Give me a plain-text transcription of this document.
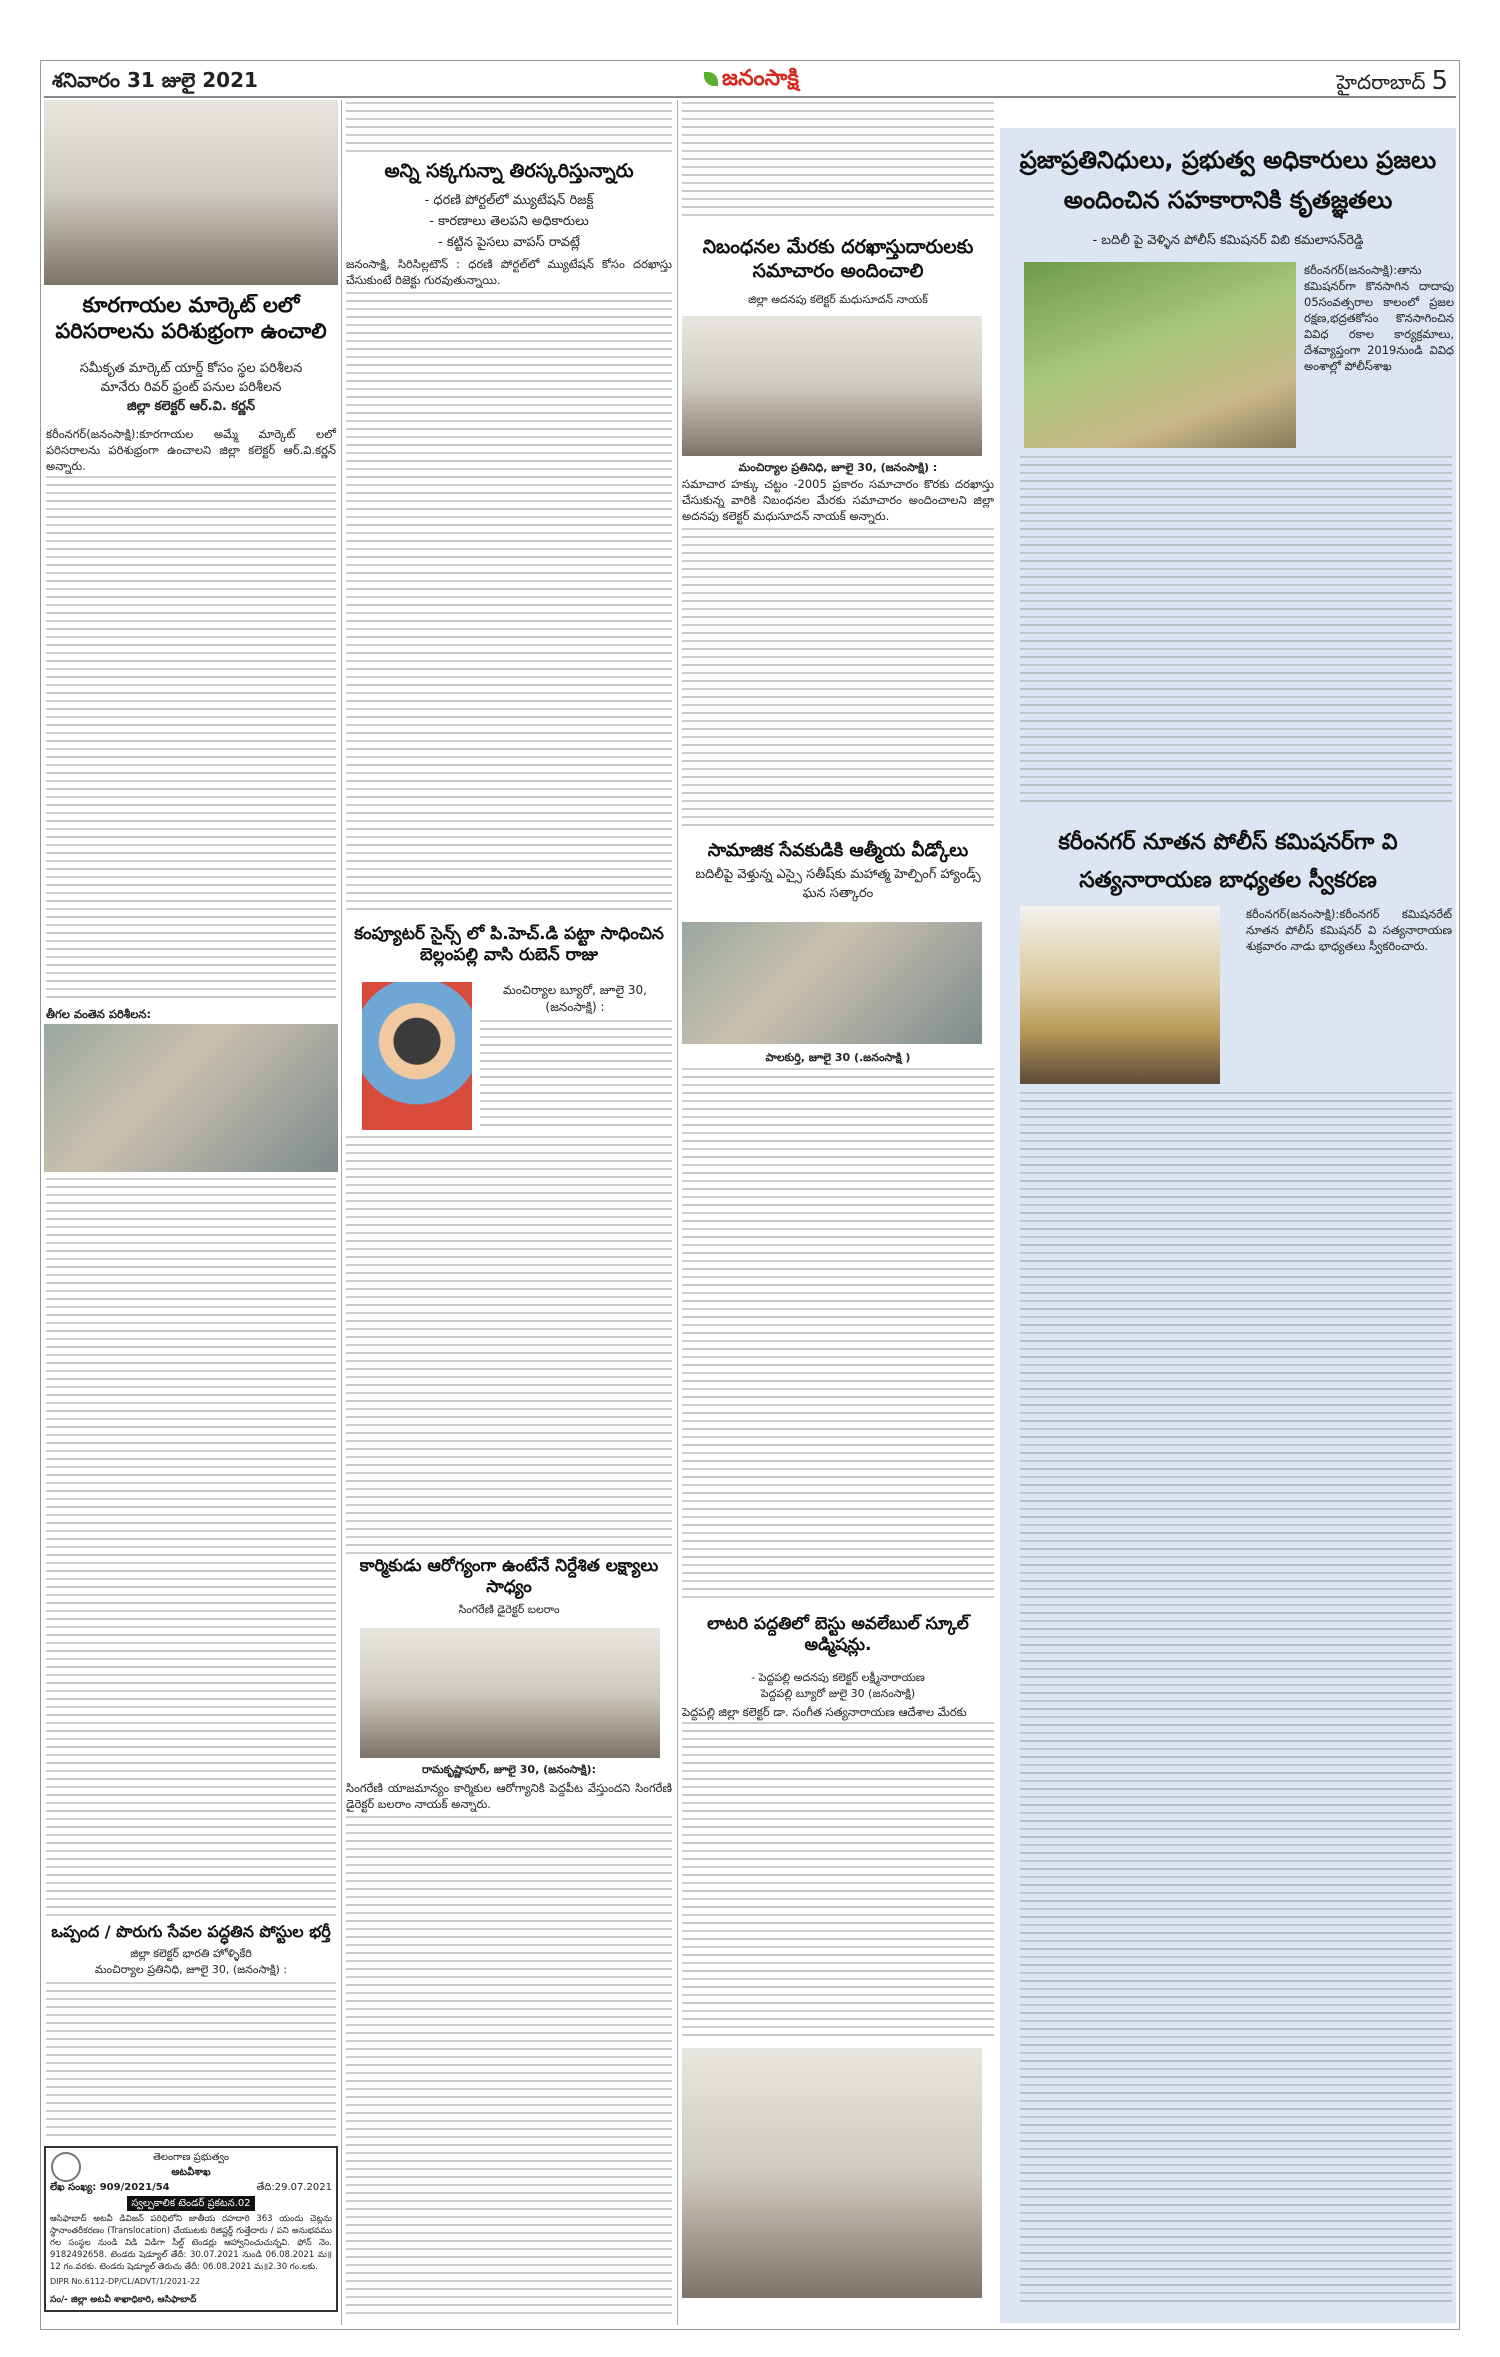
శనివారం 31 జులై 2021	జనంసాక్షి	హైదరాబాద్ 5
కూరగాయల మార్కెట్ లలో పరిసరాలను పరిశుభ్రంగా ఉంచాలి
సమీకృత మార్కెట్ యార్డ్ కోసం స్థల పరిశీలన
మానేరు రివర్ ఫ్రంట్ పనుల పరిశీలన
జిల్లా కలెక్టర్ ఆర్.వి. కర్ణన్
కరీంనగర్(జనంసాక్షి):కూరగాయల అమ్మే మార్కెట్ లలో పరిసరాలను పరిశుభ్రంగా ఉంచాలని జిల్లా కలెక్టర్ ఆర్.వి.కర్ణన్ అన్నారు.
తీగల వంతెన పరిశీలన:
ఒప్పంద / పొరుగు సేవల పద్ధతిన పోస్టుల భర్తీ
జిల్లా కలెక్టర్ భారతి హోళ్ళికేరి
మంచిర్యాల ప్రతినిధి, జూలై 30, (జనంసాక్షి) :
తెలంగాణ ప్రభుత్వం
అటవీశాఖ
లేఖ సంఖ్య: 909/2021/54	తేది:29.07.2021
స్వల్పకాలిక టెండర్ ప్రకటన.02
ఆసిఫాబాద్ అటవీ డివిజన్ పరిధిలోని జాతీయ రహదారి 363 యందు చెట్లను స్థానాంతరీకరణం (Translocation) చేయుటకు రిజిష్టర్డ్ గుత్తేదారు / పని అనుభవము గల సంస్థల నుండి విడి విడిగా సీల్డ్ టెండర్లు ఆహ్వానించుచున్నవి. ఫోన్ నెం. 9182492658. టెండరు షెడ్యూల్ తేదీ: 30.07.2021 నుండి 06.08.2021 మ॥12 గం.వరకు. టెండరు షెడ్యూల్ తెరుచు తేదీ: 06.08.2021 మ॥2.30 గం.లకు.
DIPR No.6112-DP/CL/ADVT/1/2021-22
సం/- జిల్లా అటవీ శాఖాధికారి, ఆసిఫాబాద్
అన్ని సక్కగున్నా తిరస్కరిస్తున్నారు
- ధరణి పోర్టల్‌లో మ్యుటేషన్ రిజక్ట్
- కారణాలు తెలపని అధికారులు
- కట్టిన పైసలు వాపస్ రావట్లే
జనంసాక్షి, సిరిసిల్లటౌన్ : ధరణి పోర్టల్‌లో మ్యుటేషన్ కోసం దరఖాస్తు చేసుకుంటే రిజెక్టు గురవుతున్నాయి.
కంప్యూటర్ సైన్స్ లో పి.హెచ్.డి పట్టా సాధించిన బెల్లంపల్లి వాసి రుబెన్ రాజు
మంచిర్యాల బ్యూరో, జూలై 30, (జనంసాక్షి) :
కార్మికుడు ఆరోగ్యంగా ఉంటేనే నిర్దేశిత లక్ష్యాలు సాధ్యం
సింగరేణి డైరెక్టర్ బలరాం
రామకృష్ణాపూర్, జూలై 30, (జనంసాక్షి):
సింగరేణి యాజమాన్యం కార్మికుల ఆరోగ్యానికి పెద్దపీట వేస్తుందని సింగరేణి డైరెక్టర్ బలరాం నాయక్ అన్నారు.
నిబంధనల మేరకు దరఖాస్తుదారులకు సమాచారం అందించాలి
జిల్లా అదనపు కలెక్టర్ మధుసూదన్ నాయక్
మంచిర్యాల ప్రతినిధి, జూలై 30, (జనంసాక్షి) :
సమాచార హక్కు చట్టం -2005 ప్రకారం సమాచారం కొరకు దరఖాస్తు చేసుకున్న వారికి నిబంధనల మేరకు సమాచారం అందించాలని జిల్లా అదనపు కలెక్టర్ మధుసూదన్ నాయక్ అన్నారు.
సామాజిక సేవకుడికి ఆత్మీయ వీడ్కోలు
బదిలీపై వెళ్తున్న ఎస్సై సతీష్‌కు మహాత్మ హెల్పింగ్ హ్యాండ్స్ ఘన సత్కారం
పాలకుర్తి, జూలై 30 (.జనంసాక్షి )
లాటరి పద్దతిలో బెస్టు అవలేబుల్ స్కూల్ అడ్మిషన్లు.
- పెద్దపల్లి అదనపు కలెక్టర్ లక్ష్మీనారాయణ
పెద్దపల్లి బ్యూరో జులై 30 (జనంసాక్షి)
పెద్దపల్లి జిల్లా కలెక్టర్ డా. సంగీత సత్యనారాయణ ఆదేశాల మేరకు
ప్రజాప్రతినిధులు, ప్రభుత్వ అధికారులు ప్రజలు అందించిన సహకారానికి కృతజ్ఞతలు
- బదిలీ పై వెళ్ళిన పోలీస్ కమిషనర్ విబి కమలాసన్‌రెడ్డి
కరీంనగర్(జనంసాక్షి):తాను కమిషనర్‌గా కొనసాగిన దాదాపు 05సంవత్సరాల కాలంలో ప్రజల రక్షణ,భద్రతకోసం కొనసాగించిన వివిధ రకాల కార్యక్రమాలు, దేశవ్యాప్తంగా 2019నుండి వివిధ అంశాల్లో పోలీస్‌శాఖ
కరీంనగర్ నూతన పోలీస్ కమిషనర్‌గా వి సత్యనారాయణ బాధ్యతల స్వీకరణ
కరీంనగర్(జనంసాక్షి):కరీంనగర్ కమిషనరేట్ నూతన పోలీస్ కమిషనర్ వి సత్యనారాయణ శుక్రవారం నాడు భాధ్యతలు స్వీకరించారు.
